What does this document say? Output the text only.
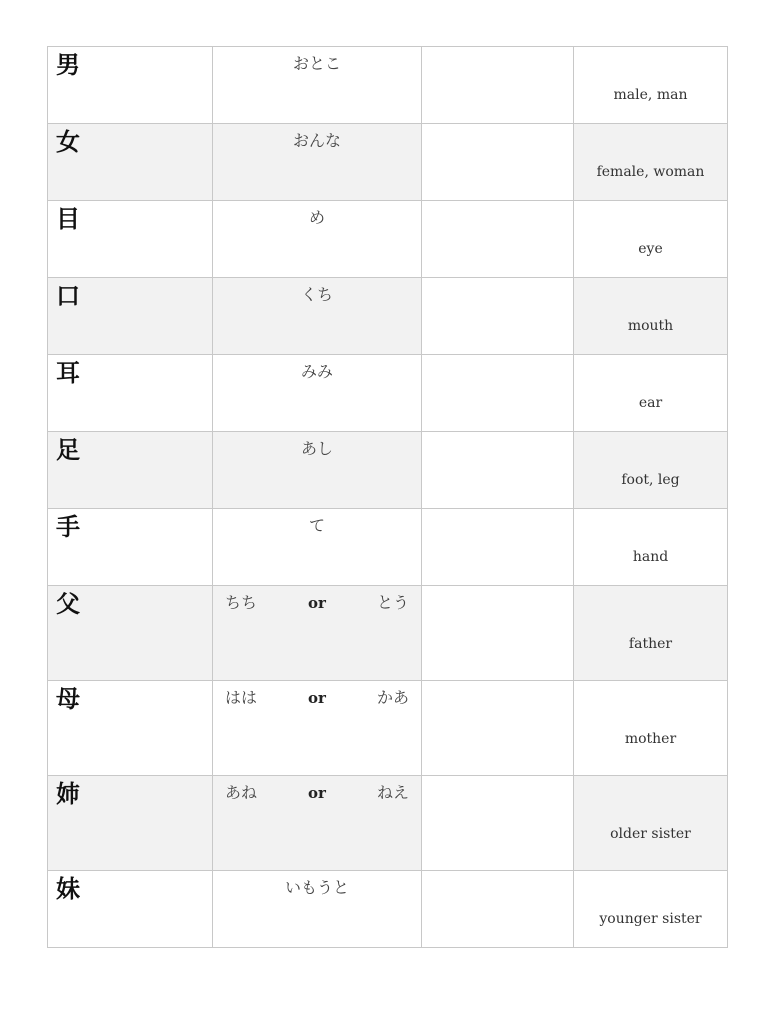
男	おとこ		male, man

女	おんな		female, woman

目	め		eye

口	くち		mouth

耳	みみ		ear

足	あし		foot, leg

手	て		hand

父	ちち or とう		father

母	はは or かあ		mother

姉	あね or ねえ		older sister

妹	いもうと		younger sister
